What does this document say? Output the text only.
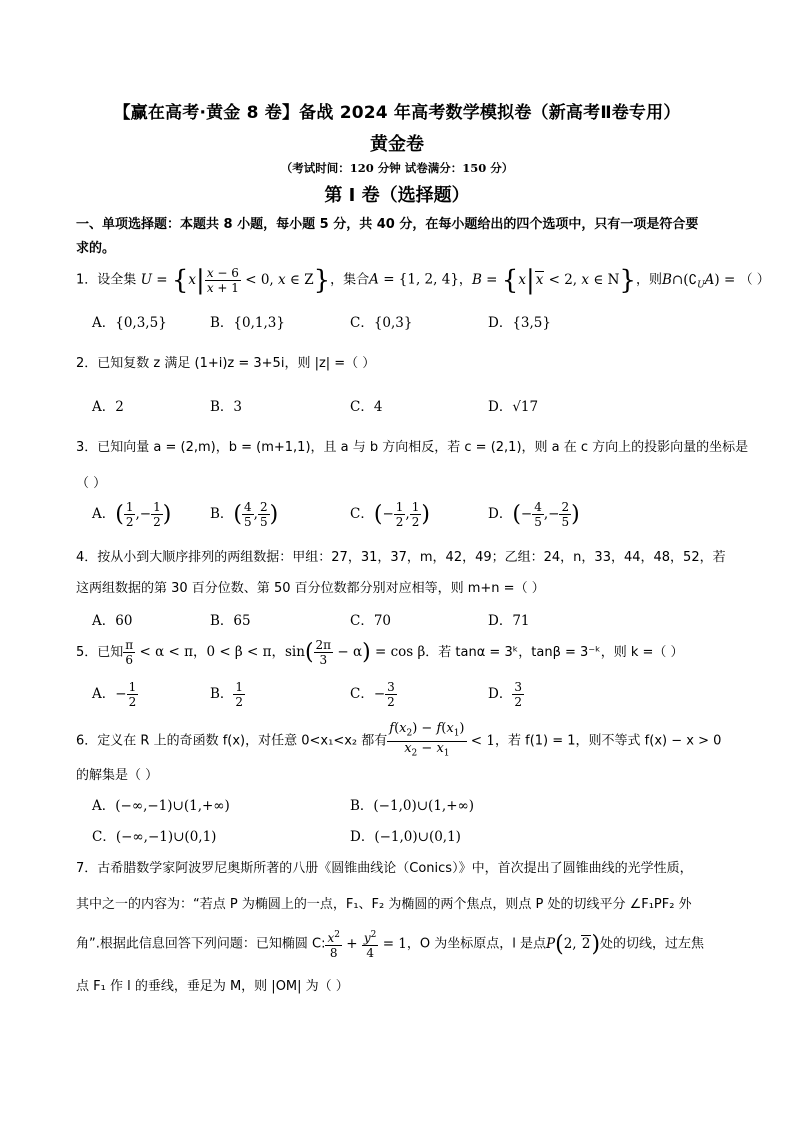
【赢在高考·黄金 8 卷】备战 2024 年高考数学模拟卷（新高考Ⅱ卷专用）
黄金卷
（考试时间：120 分钟 试卷满分：150 分）
第 I 卷（选择题）
一、单项选择题：本题共 8 小题，每小题 5 分，共 40 分，在每小题给出的四个选项中，只有一项是符合要
求的。
1．设全集 $U = \{x| \frac{x - 6}{x + 1} < 0$, x ∈ Z}，集合A = {1, 2, 4}，B = {x|x < 2, x ∈ N}，则$B\cap(∁_UA)$ = （ ）
A．{0,3,5}	B．{0,1,3}	C．{0,3}	D．{3,5}
2．已知复数 z 满足 (1+i)z = 3+5i，则 |z| =（ ）
A．2	B．3	C．4	D．√17
3．已知向量 a = (2,m)，b = (m+1,1)，且 a 与 b 方向相反，若 c = (2,1)，则 a 在 c 方向上的投影向量的坐标是
（ ）
A．( $\frac{1}{2}$ ,− $\frac{1}{2}$ )	B．( $\frac{4}{5}$ , $\frac{2}{5}$ )	C．(− $\frac{1}{2}$ , $\frac{1}{2}$ )	D．(− $\frac{4}{5}$ ,− $\frac{2}{5}$ )
4．按从小到大顺序排列的两组数据：甲组：27，31，37，m，42，49；乙组：24，n，33，44，48，52，若
这两组数据的第 30 百分位数、第 50 百分位数都分别对应相等，则 m+n =（ ）
A．60	B．65	C．70	D．71
5．已知 $\frac{\pi}{6} < \alpha < \pi$，0 < β < π，$\sin( \frac{2\pi}{3} - \alpha) = \cos \beta$．若 tanα = 3ᵏ，tanβ = 3⁻ᵏ，则 k =（ ）
A．− $\frac{1}{2}$	B． $\frac{1}{2}$	C．− $\frac{3}{2}$	D． $\frac{3}{2}$
6．定义在 R 上的奇函数 f(x)，对任意 0<x₁<x₂ 都有 $\frac{f(x_2) - f(x_1)}{x_2 - x_1} < 1$，若 f(1) = 1，则不等式 f(x) − x > 0
的解集是（ ）
A．(−∞,−1)∪(1,+∞)	B．(−1,0)∪(1,+∞)
C．(−∞,−1)∪(0,1)	D．(−1,0)∪(0,1)
7．古希腊数学家阿波罗尼奥斯所著的八册《圆锥曲线论（Conics）》中，首次提出了圆锥曲线的光学性质，
其中之一的内容为：“若点 P 为椭圆上的一点，F₁、F₂ 为椭圆的两个焦点，则点 P 处的切线平分 ∠F₁PF₂ 外
角”.根据此信息回答下列问题：已知椭圆 C: $\frac{x^2}{8} + \frac{y^2}{4} = 1$，O 为坐标原点，l 是点P(2, 2)处的切线，过左焦
点 F₁ 作 l 的垂线，垂足为 M，则 |OM| 为（ ）
